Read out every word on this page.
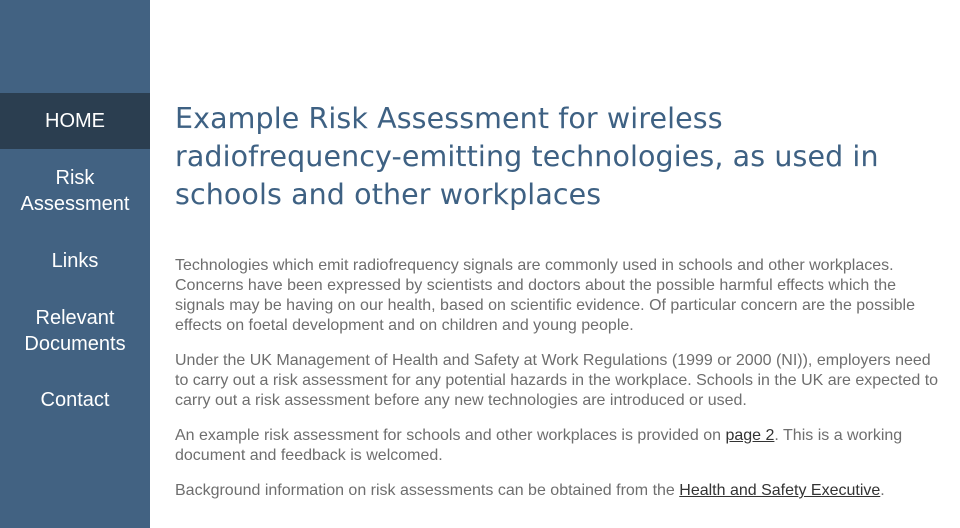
HOME
Risk Assessment
Links
Relevant Documents
Contact
Example Risk Assessment for wireless radiofrequency-emitting technologies, as used in schools and other workplaces

Technologies which emit radiofrequency signals are commonly used in schools and other workplaces. Concerns have been expressed by scientists and doctors about the possible harmful effects which the signals may be having on our health, based on scientific evidence. Of particular concern are the possible effects on foetal development and on children and young people.

Under the UK Management of Health and Safety at Work Regulations (1999 or 2000 (NI)), employers need to carry out a risk assessment for any potential hazards in the workplace. Schools in the UK are expected to carry out a risk assessment before any new technologies are introduced or used.

An example risk assessment for schools and other workplaces is provided on page 2. This is a working document and feedback is welcomed.

Background information on risk assessments can be obtained from the Health and Safety Executive.
